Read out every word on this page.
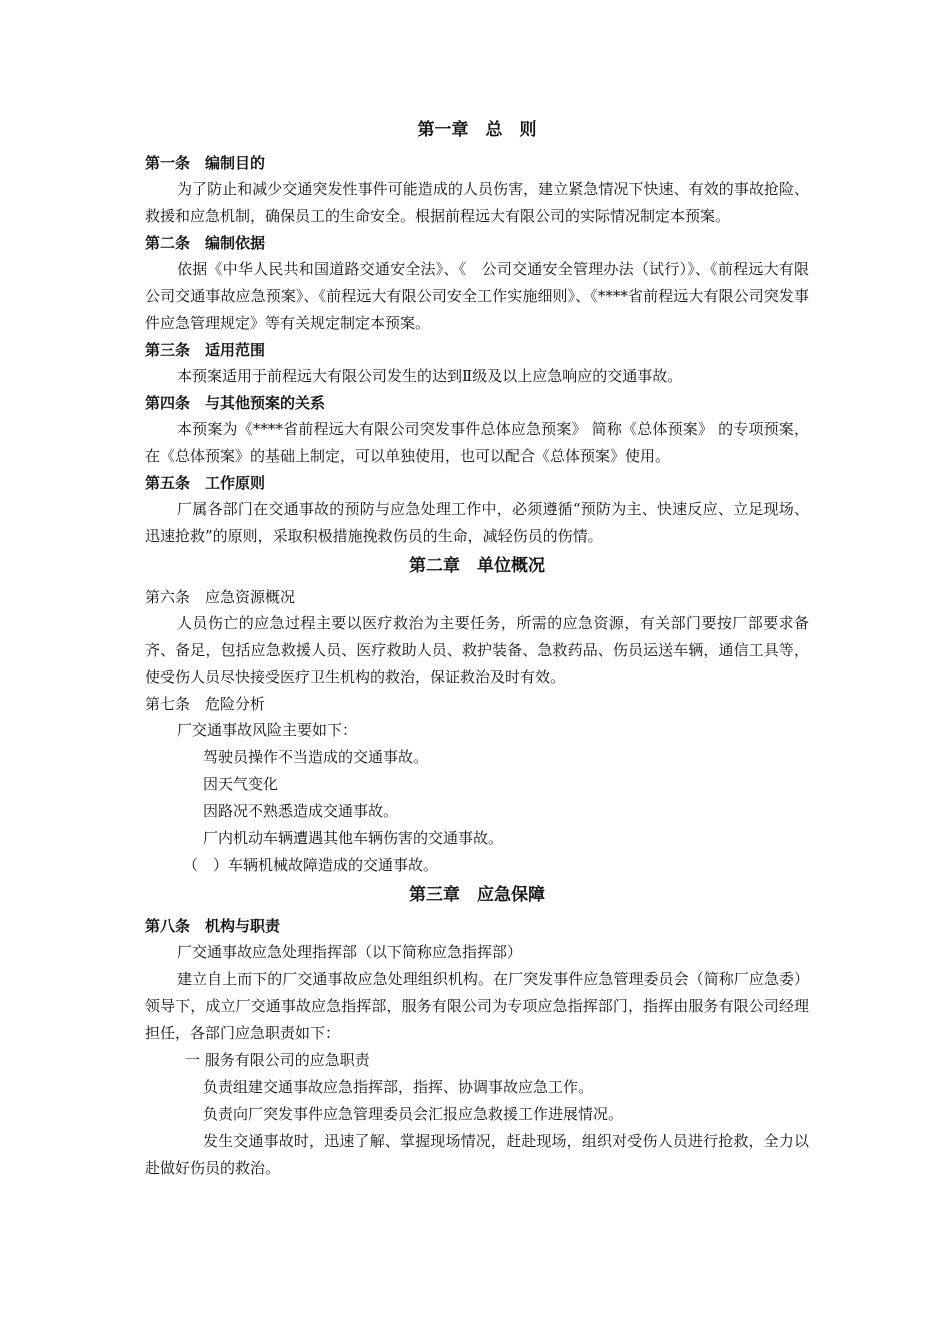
第一章　总　则
第一条　编制目的

为了防止和减少交通突发性事件可能造成的人员伤害，建立紧急情况下快速、有效的事故抢险、救援和应急机制，确保员工的生命安全。根据前程远大有限公司的实际情况制定本预案。

第二条　编制依据

依据《中华人民共和国道路交通安全法》、《　公司交通安全管理办法（试行）》、《前程远大有限公司交通事故应急预案》、《前程远大有限公司安全工作实施细则》、《****省前程远大有限公司突发事件应急管理规定》等有关规定制定本预案。

第三条　适用范围

本预案适用于前程远大有限公司发生的达到Ⅱ级及以上应急响应的交通事故。

第四条　与其他预案的关系

本预案为《****省前程远大有限公司突发事件总体应急预案》 简称《总体预案》 的专项预案，在《总体预案》的基础上制定，可以单独使用，也可以配合《总体预案》使用。

第五条　工作原则

厂属各部门在交通事故的预防与应急处理工作中，必须遵循“预防为主、快速反应、立足现场、迅速抢救”的原则，采取积极措施挽救伤员的生命，减轻伤员的伤情。

第二章　单位概况
第六条　应急资源概况

人员伤亡的应急过程主要以医疗救治为主要任务，所需的应急资源，有关部门要按厂部要求备齐、备足，包括应急救援人员、医疗救助人员、救护装备、急救药品、伤员运送车辆，通信工具等，使受伤人员尽快接受医疗卫生机构的救治，保证救治及时有效。

第七条　危险分析

厂交通事故风险主要如下：

驾驶员操作不当造成的交通事故。
因天气变化
因路况不熟悉造成交通事故。
厂内机动车辆遭遇其他车辆伤害的交通事故。
（　）车辆机械故障造成的交通事故。
第三章　应急保障
第八条　机构与职责

厂交通事故应急处理指挥部（以下简称应急指挥部）

建立自上而下的厂交通事故应急处理组织机构。在厂突发事件应急管理委员会（简称厂应急委）领导下，成立厂交通事故应急指挥部，服务有限公司为专项应急指挥部门，指挥由服务有限公司经理担任，各部门应急职责如下：

一 服务有限公司的应急职责
负责组建交通事故应急指挥部，指挥、协调事故应急工作。
负责向厂突发事件应急管理委员会汇报应急救援工作进展情况。

发生交通事故时，迅速了解、掌握现场情况，赶赴现场，组织对受伤人员进行抢救，全力以赴做好伤员的救治。
